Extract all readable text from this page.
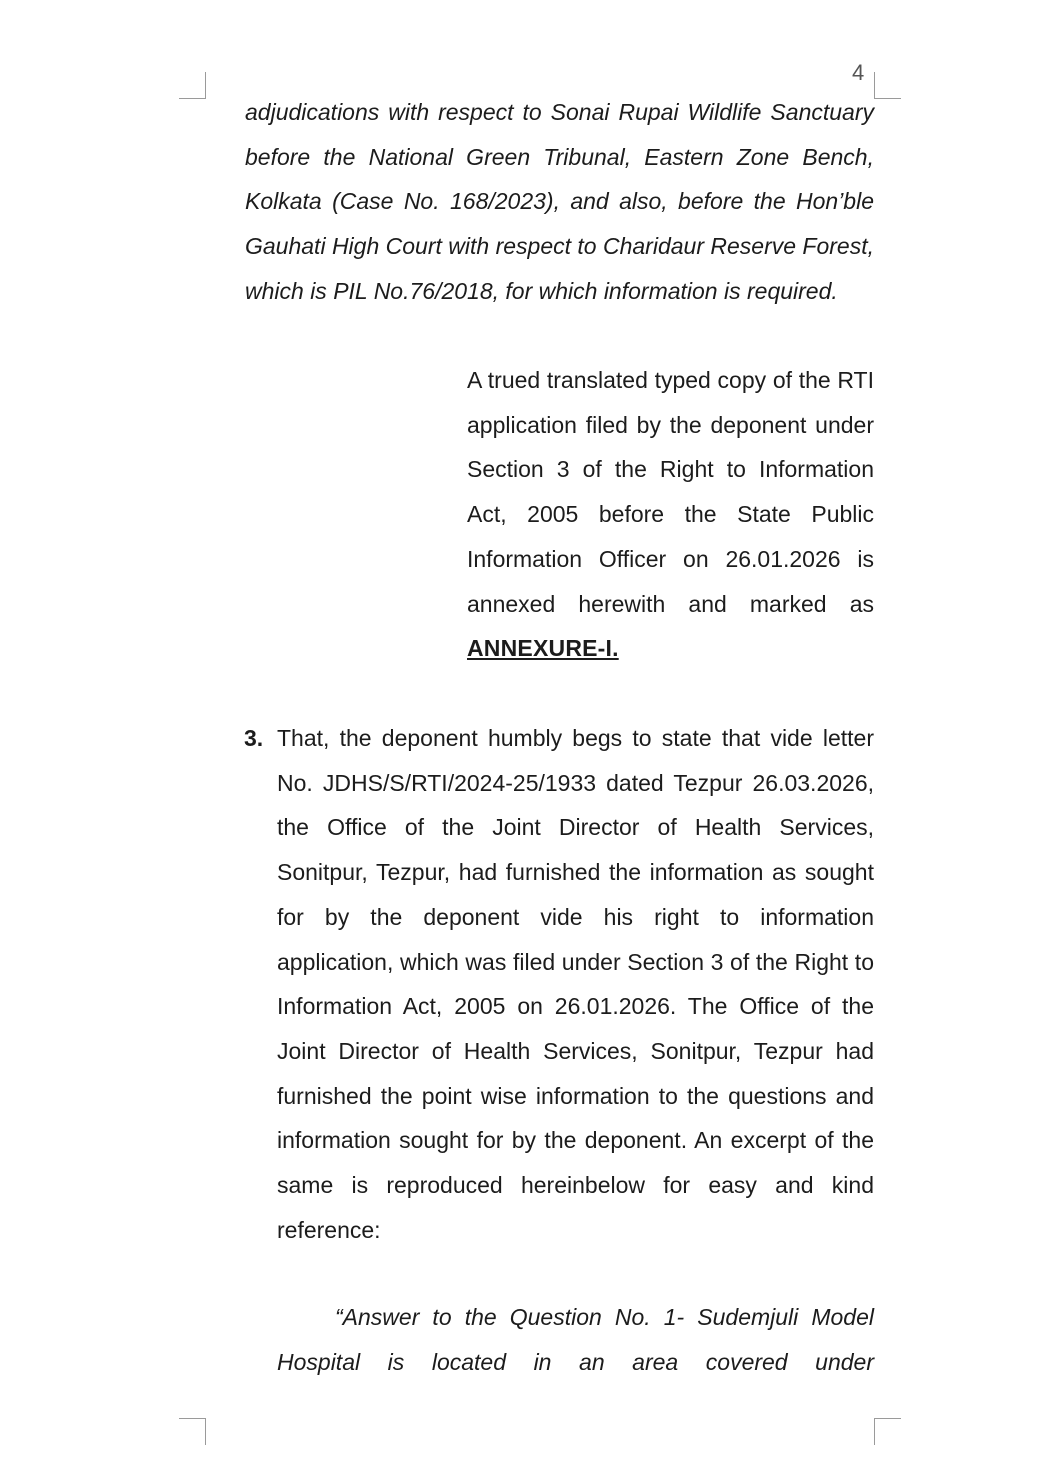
4

adjudications with respect to Sonai Rupai Wildlife Sanctuary before the National Green Tribunal, Eastern Zone Bench, Kolkata (Case No. 168/2023), and also, before the Hon’ble Gauhati High Court with respect to Charidaur Reserve Forest, which is PIL No.76/2018, for which information is required.

A trued translated typed copy of the RTI application filed by the deponent under Section 3 of the Right to Information Act, 2005 before the State Public Information Officer on 26.01.2026 is annexed herewith and marked as ANNEXURE-I.

3. That, the deponent humbly begs to state that vide letter No. JDHS/S/RTI/2024-25/1933 dated Tezpur 26.03.2026, the Office of the Joint Director of Health Services, Sonitpur, Tezpur, had furnished the information as sought for by the deponent vide his right to information application, which was filed under Section 3 of the Right to Information Act, 2005 on 26.01.2026. The Office of the Joint Director of Health Services, Sonitpur, Tezpur had furnished the point wise information to the questions and information sought for by the deponent. An excerpt of the same is reproduced hereinbelow for easy and kind reference:

“Answer to the Question No. 1- Sudemjuli Model Hospital is located in an area covered under
